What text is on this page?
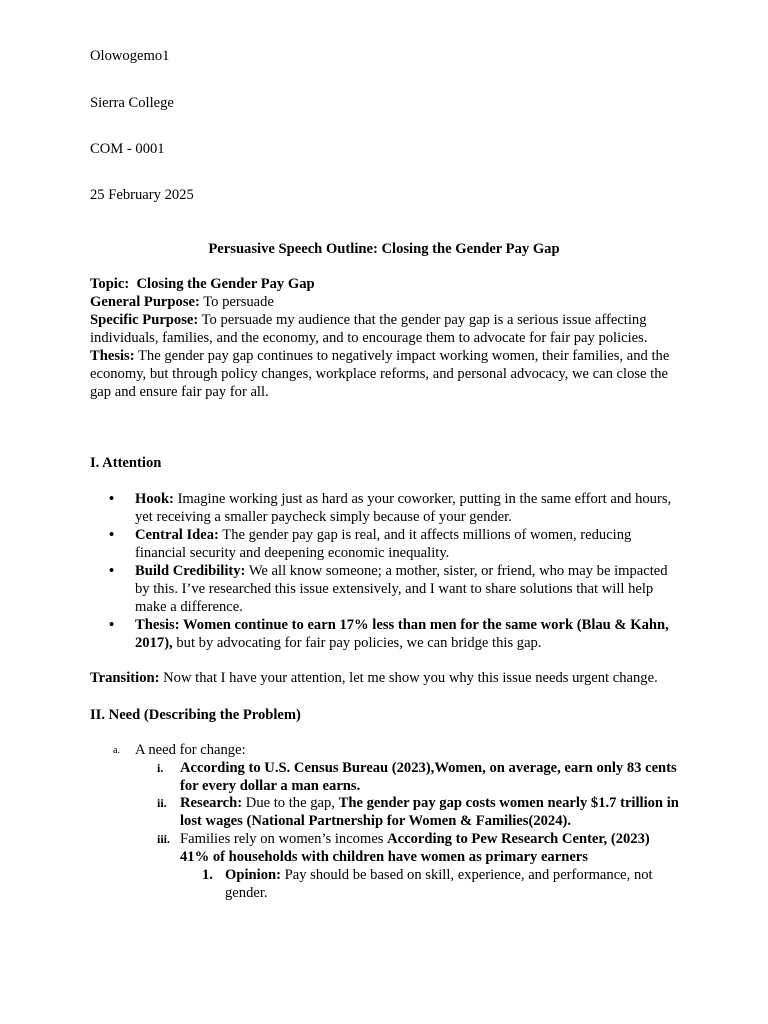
Olowogemo1
Sierra College
COM - 0001
25 February 2025
Persuasive Speech Outline: Closing the Gender Pay Gap
Topic: Closing the Gender Pay Gap
General Purpose: To persuade
Specific Purpose: To persuade my audience that the gender pay gap is a serious issue affecting individuals, families, and the economy, and to encourage them to advocate for fair pay policies.
Thesis: The gender pay gap continues to negatively impact working women, their families, and the economy, but through policy changes, workplace reforms, and personal advocacy, we can close the gap and ensure fair pay for all.
I. Attention
• Hook: Imagine working just as hard as your coworker, putting in the same effort and hours, yet receiving a smaller paycheck simply because of your gender.
• Central Idea: The gender pay gap is real, and it affects millions of women, reducing financial security and deepening economic inequality.
• Build Credibility: We all know someone; a mother, sister, or friend, who may be impacted by this. I’ve researched this issue extensively, and I want to share solutions that will help make a difference.
• Thesis: Women continue to earn 17% less than men for the same work (Blau & Kahn, 2017), but by advocating for fair pay policies, we can bridge this gap.
Transition: Now that I have your attention, let me show you why this issue needs urgent change.
II. Need (Describing the Problem)
a. A need for change:
i. According to U.S. Census Bureau (2023),Women, on average, earn only 83 cents for every dollar a man earns.
ii. Research: Due to the gap, The gender pay gap costs women nearly $1.7 trillion in lost wages (National Partnership for Women & Families(2024).
iii. Families rely on women’s incomes According to Pew Research Center, (2023) 41% of households with children have women as primary earners
1. Opinion: Pay should be based on skill, experience, and performance, not gender.
